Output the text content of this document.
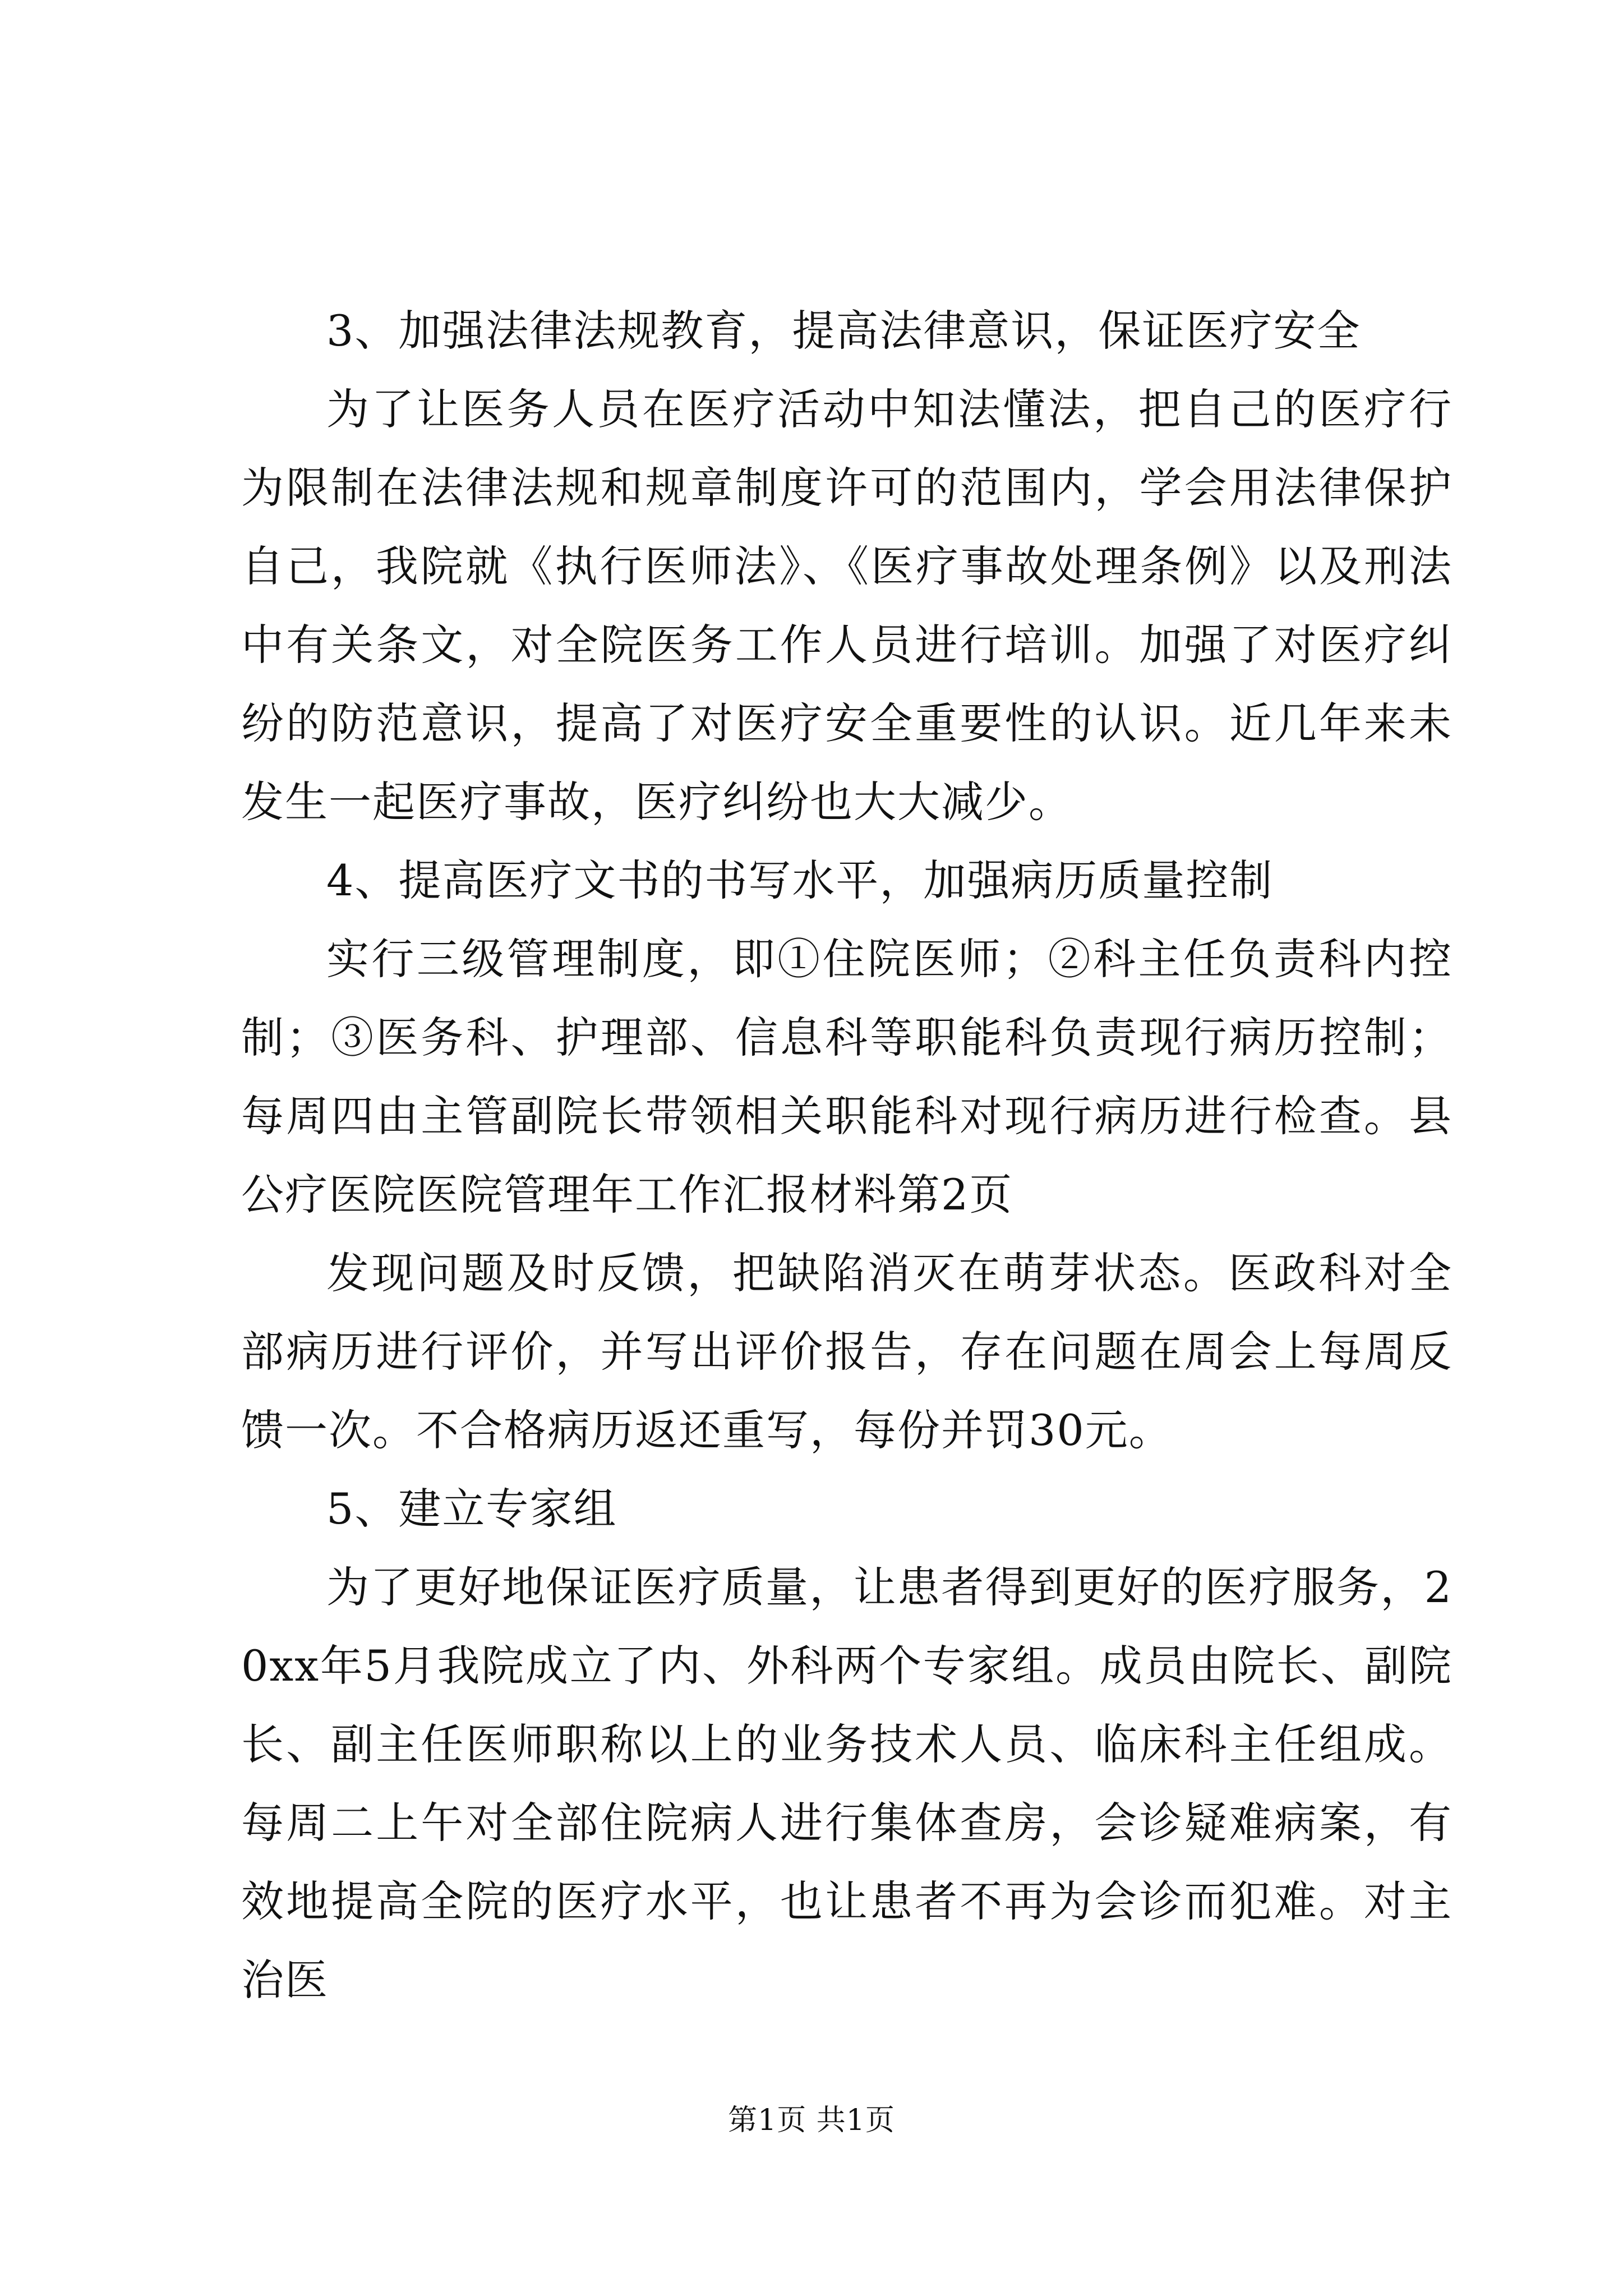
3、加强法律法规教育，提高法律意识，保证医疗安全

为了让医务人员在医疗活动中知法懂法，把自己的医疗行为限制在法律法规和规章制度许可的范围内，学会用法律保护自己，我院就《执行医师法》、《医疗事故处理条例》以及刑法中有关条文，对全院医务工作人员进行培训。加强了对医疗纠纷的防范意识，提高了对医疗安全重要性的认识。近几年来未发生一起医疗事故，医疗纠纷也大大减少。

4、提高医疗文书的书写水平，加强病历质量控制

实行三级管理制度，即①住院医师；②科主任负责科内控制；③医务科、护理部、信息科等职能科负责现行病历控制；每周四由主管副院长带领相关职能科对现行病历进行检查。县公疗医院医院管理年工作汇报材料第2页

发现问题及时反馈，把缺陷消灭在萌芽状态。医政科对全部病历进行评价，并写出评价报告，存在问题在周会上每周反馈一次。不合格病历返还重写，每份并罚30元。

5、建立专家组

为了更好地保证医疗质量，让患者得到更好的医疗服务，20xx年5月我院成立了内、外科两个专家组。成员由院长、副院长、副主任医师职称以上的业务技术人员、临床科主任组成。每周二上午对全部住院病人进行集体查房，会诊疑难病案，有效地提高全院的医疗水平，也让患者不再为会诊而犯难。对主治医

第1页 共1页
